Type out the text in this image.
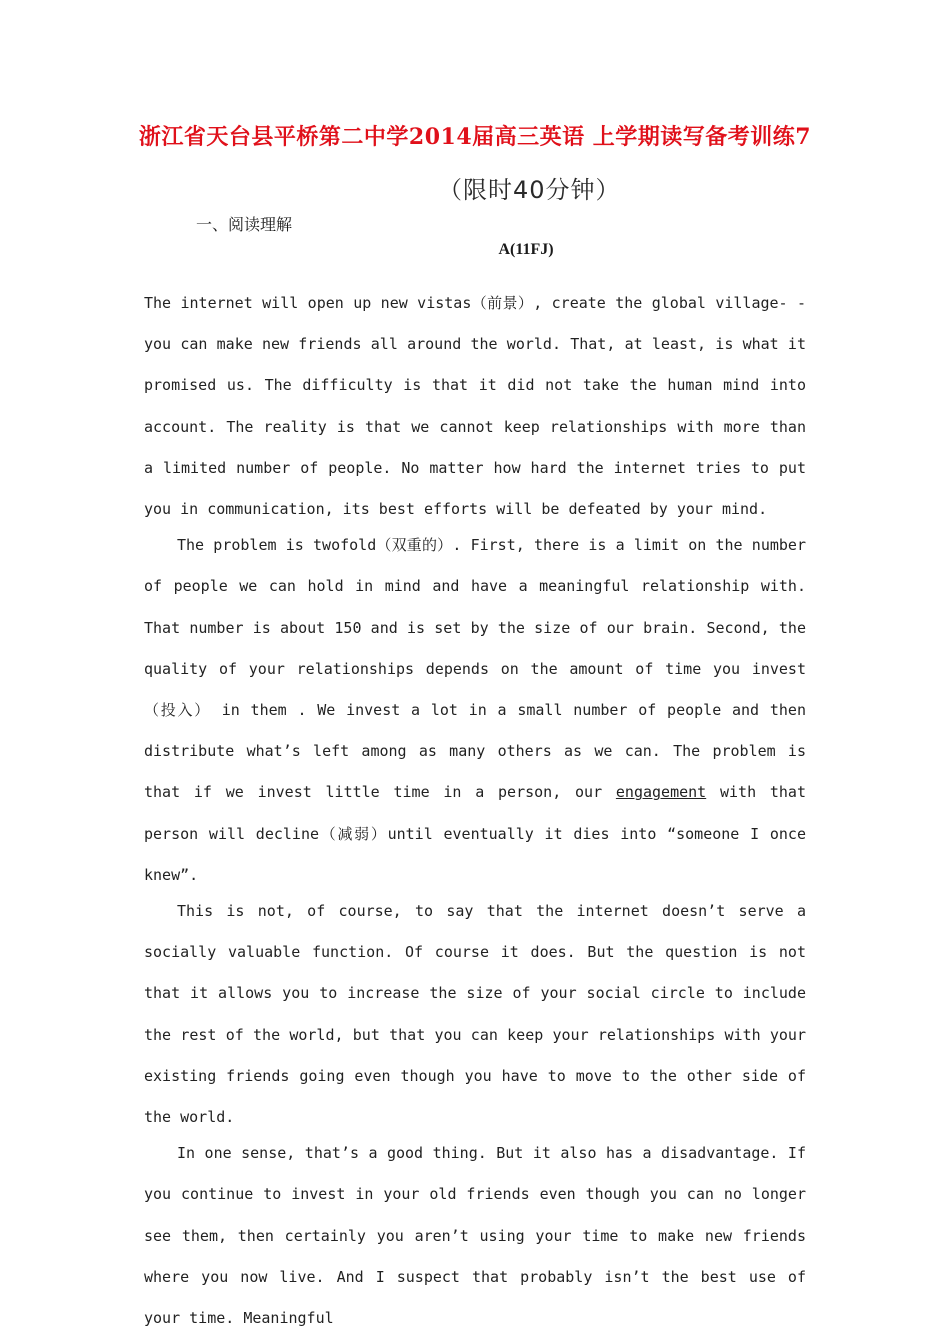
浙江省天台县平桥第二中学2014届高三英语 上学期读写备考训练7
（限时40分钟）
一、阅读理解
A(11FJ)

The internet will open up new vistas（前景）, create the global village- -you can make new friends all around the world. That, at least, is what it promised us. The difficulty is that it did not take the human mind into account. The reality is that we cannot keep relationships with more than a limited number of people. No matter how hard the internet tries to put you in communication, its best efforts will be defeated by your mind.

The problem is twofold（双重的）. First, there is a limit on the number of people we can hold in mind and have a meaningful relationship with. That number is about 150 and is set by the size of our brain. Second, the quality of your relationships depends on the amount of time you invest （投入） in them . We invest a lot in a small number of people and then distribute what’s left among as many others as we can. The problem is that if we invest little time in a person, our engagement with that person will decline（减弱）until eventually it dies into “someone I once knew”.

This is not, of course, to say that the internet doesn’t serve a socially valuable function. Of course it does. But the question is not that it allows you to increase the size of your social circle to include the rest of the world, but that you can keep your relationships with your existing friends going even though you have to move to the other side of the world.

In one sense, that’s a good thing. But it also has a disadvantage. If you continue to invest in your old friends even though you can no longer see them, then certainly you aren’t using your time to make new friends where you now live. And I suspect that probably isn’t the best use of your time. Meaningful
